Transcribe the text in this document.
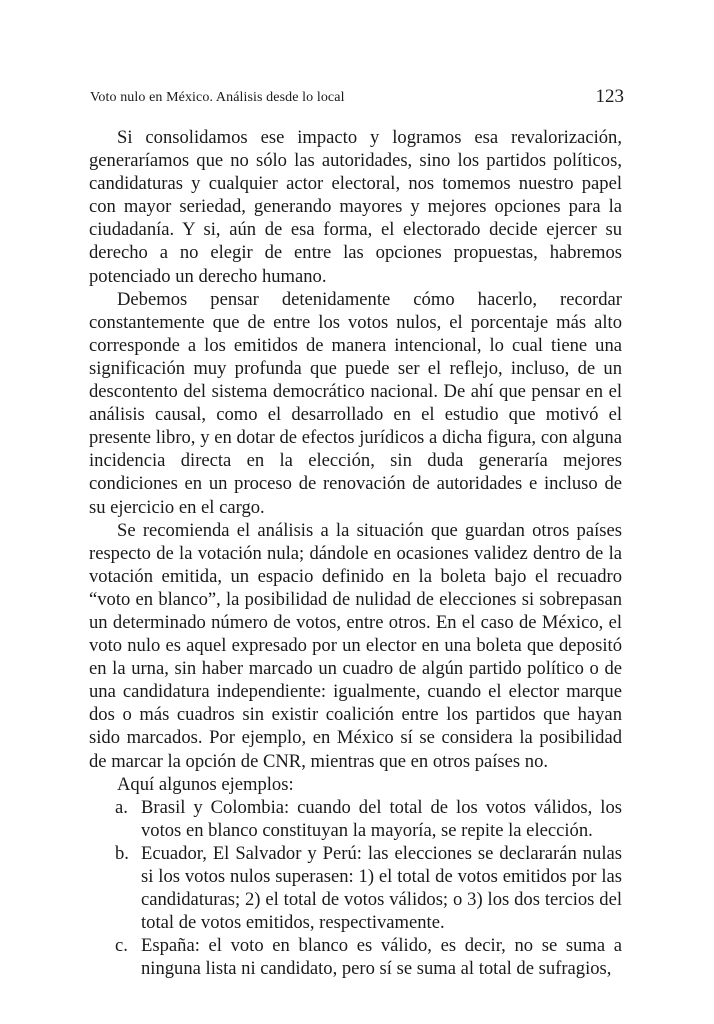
Voto nulo en México. Análisis desde lo local	123

Si consolidamos ese impacto y logramos esa revalorización, generaríamos que no sólo las autoridades, sino los partidos políticos, candidaturas y cualquier actor electoral, nos tomemos nuestro papel con mayor seriedad, generando mayores y mejores opciones para la ciudadanía. Y si, aún de esa forma, el electorado decide ejercer su derecho a no elegir de entre las opciones propuestas, habremos potenciado un derecho humano.

Debemos pensar detenidamente cómo hacerlo, recordar constantemente que de entre los votos nulos, el porcentaje más alto corresponde a los emitidos de manera intencional, lo cual tiene una significación muy profunda que puede ser el reflejo, incluso, de un descontento del sistema democrático nacional. De ahí que pensar en el análisis causal, como el desarrollado en el estudio que motivó el presente libro, y en dotar de efectos jurídicos a dicha figura, con alguna incidencia directa en la elección, sin duda generaría mejores condiciones en un proceso de renovación de autoridades e incluso de su ejercicio en el cargo.

Se recomienda el análisis a la situación que guardan otros países respecto de la votación nula; dándole en ocasiones validez dentro de la votación emitida, un espacio definido en la boleta bajo el recuadro “voto en blanco”, la posibilidad de nulidad de elecciones si sobrepasan un determinado número de votos, entre otros. En el caso de México, el voto nulo es aquel expresado por un elector en una boleta que depositó en la urna, sin haber marcado un cuadro de algún partido político o de una candidatura independiente: igualmente, cuando el elector marque dos o más cuadros sin existir coalición entre los partidos que hayan sido marcados. Por ejemplo, en México sí se considera la posibilidad de marcar la opción de CNR, mientras que en otros países no.

Aquí algunos ejemplos:

a. Brasil y Colombia: cuando del total de los votos válidos, los votos en blanco constituyan la mayoría, se repite la elección.
b. Ecuador, El Salvador y Perú: las elecciones se declararán nulas si los votos nulos superasen: 1) el total de votos emitidos por las candidaturas; 2) el total de votos válidos; o 3) los dos tercios del total de votos emitidos, respectivamente.
c. España: el voto en blanco es válido, es decir, no se suma a ninguna lista ni candidato, pero sí se suma al total de sufragios,
